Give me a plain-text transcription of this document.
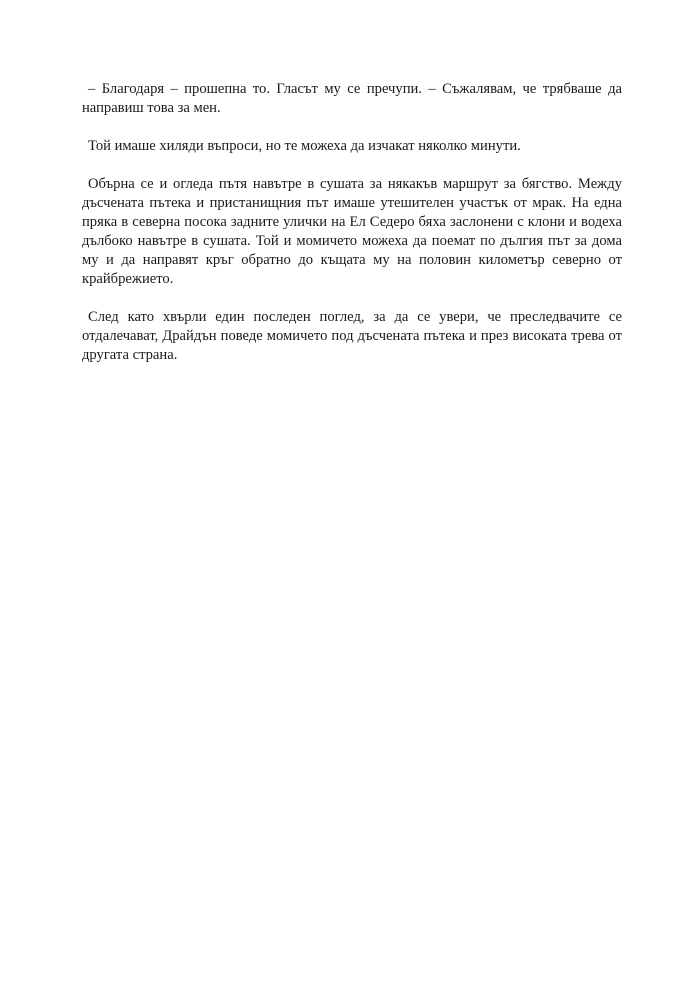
– Благодаря – прошепна то. Гласът му се пречупи. – Съжалявам, че трябваше да направиш това за мен.

Той имаше хиляди въпроси, но те можеха да изчакат няколко минути.

Обърна се и огледа пътя навътре в сушата за някакъв маршрут за бягство. Между дъсчената пътека и пристанищния път имаше утешителен участък от мрак. На една пряка в северна посока задните улички на Ел Седеро бяха заслонени с клони и водеха дълбоко навътре в сушата. Той и момичето можеха да поемат по дългия път за дома му и да направят кръг обратно до къщата му на половин километър северно от крайбрежието.

След като хвърли един последен поглед, за да се увери, че преследвачите се отдалечават, Драйдън поведе момичето под дъсчената пътека и през високата трева от другата страна.
